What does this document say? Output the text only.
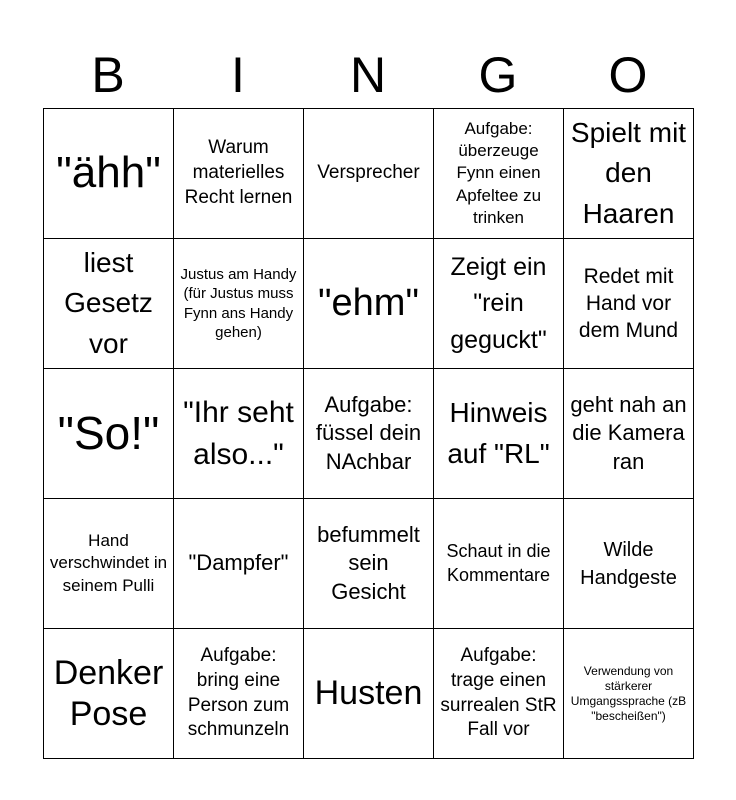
B	I	N	G	O
"ähh"	Warum materielles Recht lernen	Versprecher	Aufgabe: überzeuge Fynn einen Apfeltee zu trinken	Spielt mit den Haaren
liest Gesetz vor	Justus am Handy (für Justus muss Fynn ans Handy gehen)	"ehm"	Zeigt ein "rein geguckt"	Redet mit Hand vor dem Mund
"So!"	"Ihr seht also..."	Aufgabe: füssel dein NAchbar	Hinweis auf "RL"	geht nah an die Kamera ran
Hand verschwindet in seinem Pulli	"Dampfer"	befummelt sein Gesicht	Schaut in die Kommentare	Wilde Handgeste
Denker Pose	Aufgabe: bring eine Person zum schmunzeln	Husten	Aufgabe: trage einen surrealen StR Fall vor	Verwendung von stärkerer Umgangssprache (zB "bescheißen")
